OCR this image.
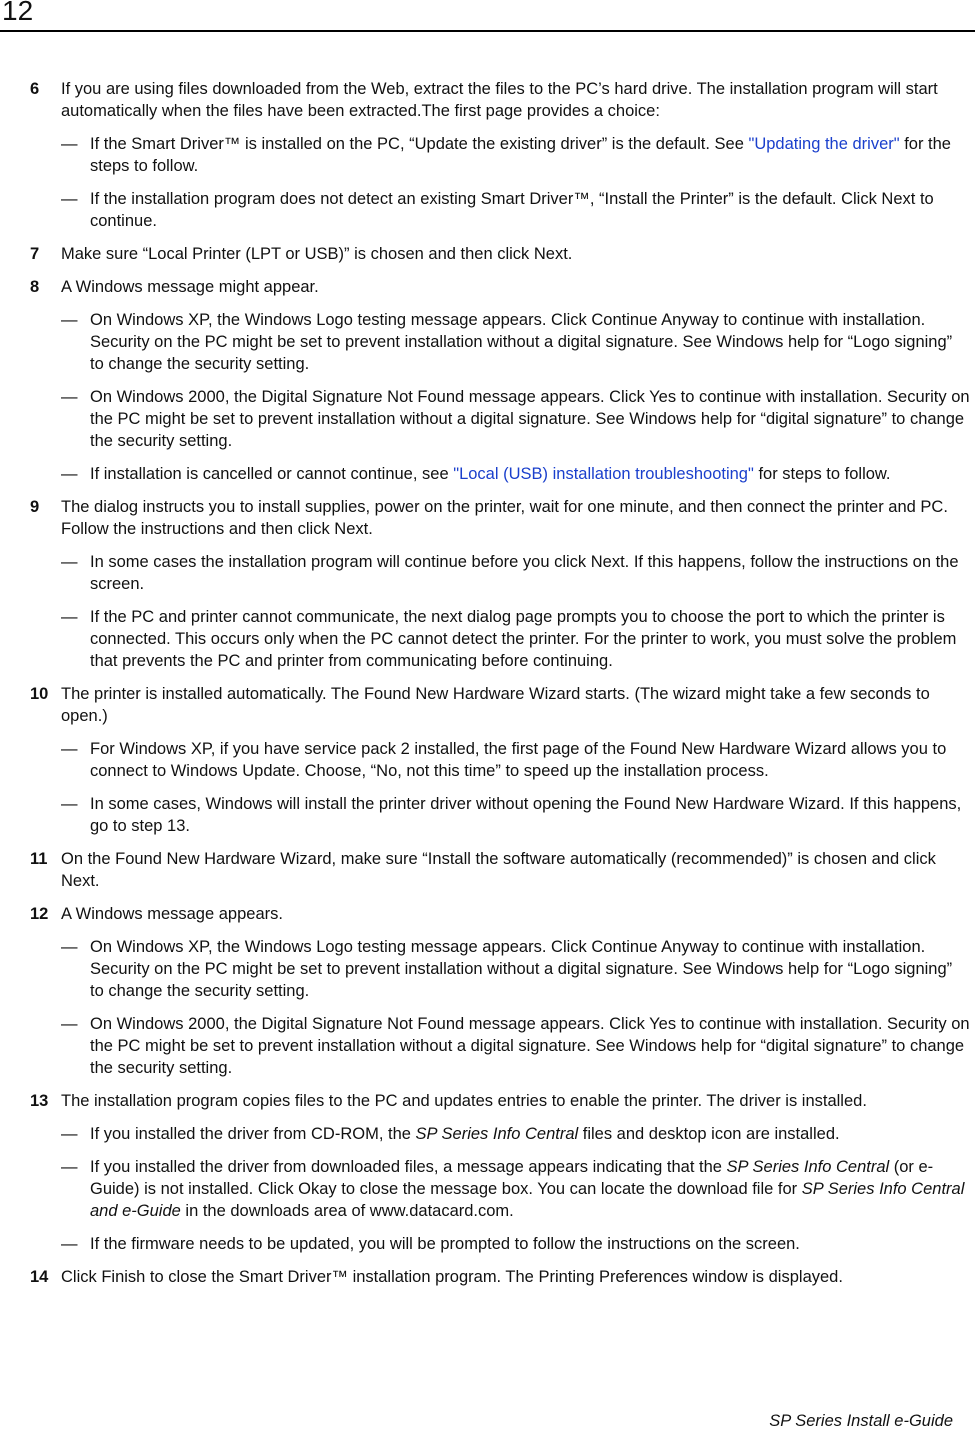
12
6 If you are using files downloaded from the Web, extract the files to the PC’s hard drive. The installation program will start automatically when the files have been extracted.The first page provides a choice:
— If the Smart Driver™ is installed on the PC, “Update the existing driver” is the default. See "Updating the driver" for the steps to follow.
— If the installation program does not detect an existing Smart Driver™, “Install the Printer” is the default. Click Next to continue.
7 Make sure “Local Printer (LPT or USB)” is chosen and then click Next.
8 A Windows message might appear.
— On Windows XP, the Windows Logo testing message appears. Click Continue Anyway to continue with installation. Security on the PC might be set to prevent installation without a digital signature. See Windows help for “Logo signing” to change the security setting.
— On Windows 2000, the Digital Signature Not Found message appears. Click Yes to continue with installation. Security on the PC might be set to prevent installation without a digital signature. See Windows help for “digital signature” to change the security setting.
— If installation is cancelled or cannot continue, see "Local (USB) installation troubleshooting" for steps to follow.
9 The dialog instructs you to install supplies, power on the printer, wait for one minute, and then connect the printer and PC. Follow the instructions and then click Next.
— In some cases the installation program will continue before you click Next. If this happens, follow the instructions on the screen.
— If the PC and printer cannot communicate, the next dialog page prompts you to choose the port to which the printer is connected. This occurs only when the PC cannot detect the printer. For the printer to work, you must solve the problem that prevents the PC and printer from communicating before continuing.
10 The printer is installed automatically. The Found New Hardware Wizard starts. (The wizard might take a few seconds to open.)
— For Windows XP, if you have service pack 2 installed, the first page of the Found New Hardware Wizard allows you to connect to Windows Update. Choose, “No, not this time” to speed up the installation process.
— In some cases, Windows will install the printer driver without opening the Found New Hardware Wizard. If this happens, go to step 13.
11 On the Found New Hardware Wizard, make sure “Install the software automatically (recommended)” is chosen and click Next.
12 A Windows message appears.
— On Windows XP, the Windows Logo testing message appears. Click Continue Anyway to continue with installation. Security on the PC might be set to prevent installation without a digital signature. See Windows help for “Logo signing” to change the security setting.
— On Windows 2000, the Digital Signature Not Found message appears. Click Yes to continue with installation. Security on the PC might be set to prevent installation without a digital signature. See Windows help for “digital signature” to change the security setting.
13 The installation program copies files to the PC and updates entries to enable the printer. The driver is installed.
— If you installed the driver from CD-ROM, the SP Series Info Central files and desktop icon are installed.
— If you installed the driver from downloaded files, a message appears indicating that the SP Series Info Central (or e-Guide) is not installed. Click Okay to close the message box. You can locate the download file for SP Series Info Central and e-Guide in the downloads area of www.datacard.com.
— If the firmware needs to be updated, you will be prompted to follow the instructions on the screen.
14 Click Finish to close the Smart Driver™ installation program. The Printing Preferences window is displayed.
SP Series Install e-Guide
